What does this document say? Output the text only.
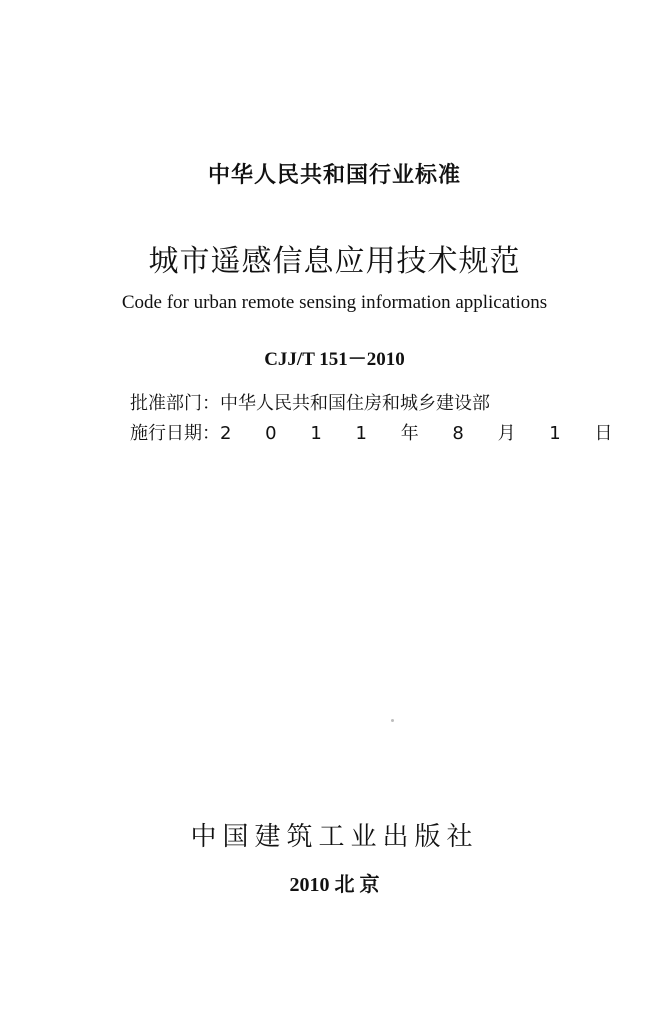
中华人民共和国行业标准
城市遥感信息应用技术规范
Code for urban remote sensing information applications
CJJ/T 151－2010
批准部门：中华人民共和国住房和城乡建设部
施行日期：2 0 1 1 年 8 月 1 日
中国建筑工业出版社
2010 北 京
